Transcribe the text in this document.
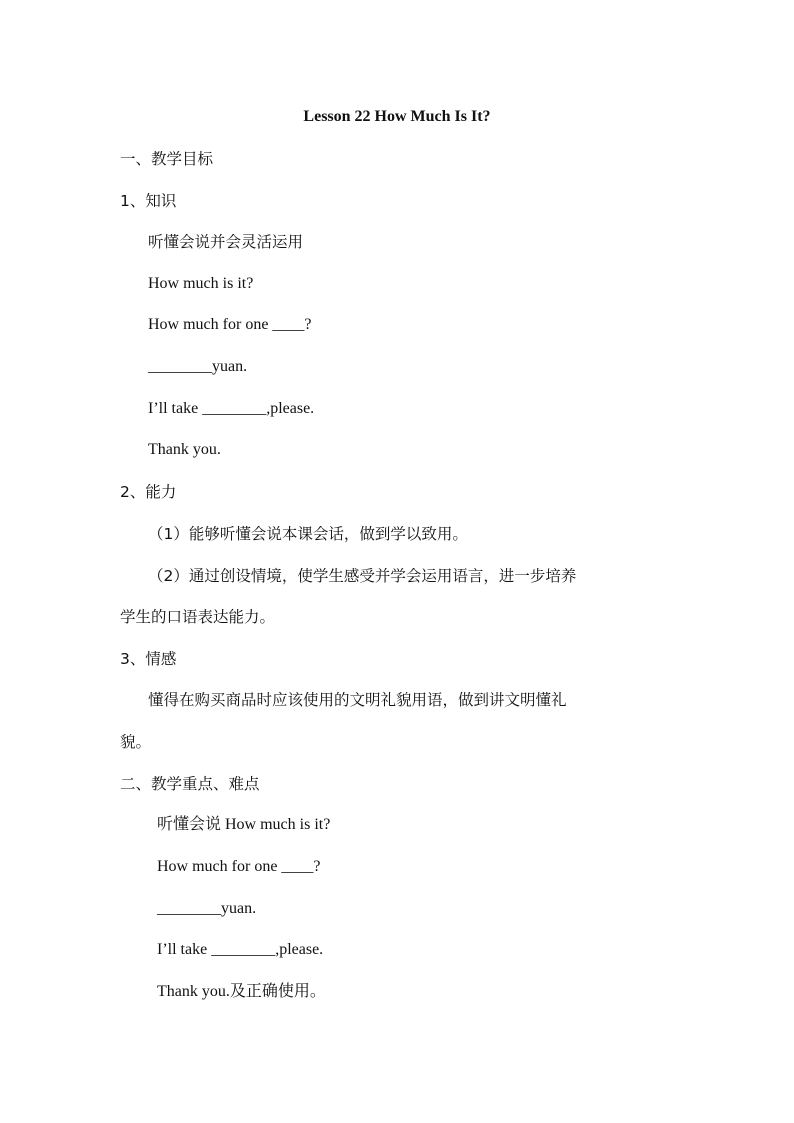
Lesson 22 How Much Is It?
一、教学目标
1、知识
听懂会说并会灵活运用
How much is it?
How much for one ____?
________yuan.
I’ll take ________,please.
Thank you.
2、能力
（1）能够听懂会说本课会话，做到学以致用。
（2）通过创设情境，使学生感受并学会运用语言，进一步培养
学生的口语表达能力。
3、情感
懂得在购买商品时应该使用的文明礼貌用语，做到讲文明懂礼
貌。
二、教学重点、难点
听懂会说 How much is it?
How much for one ____?
________yuan.
I’ll take ________,please.
Thank you.及正确使用。
